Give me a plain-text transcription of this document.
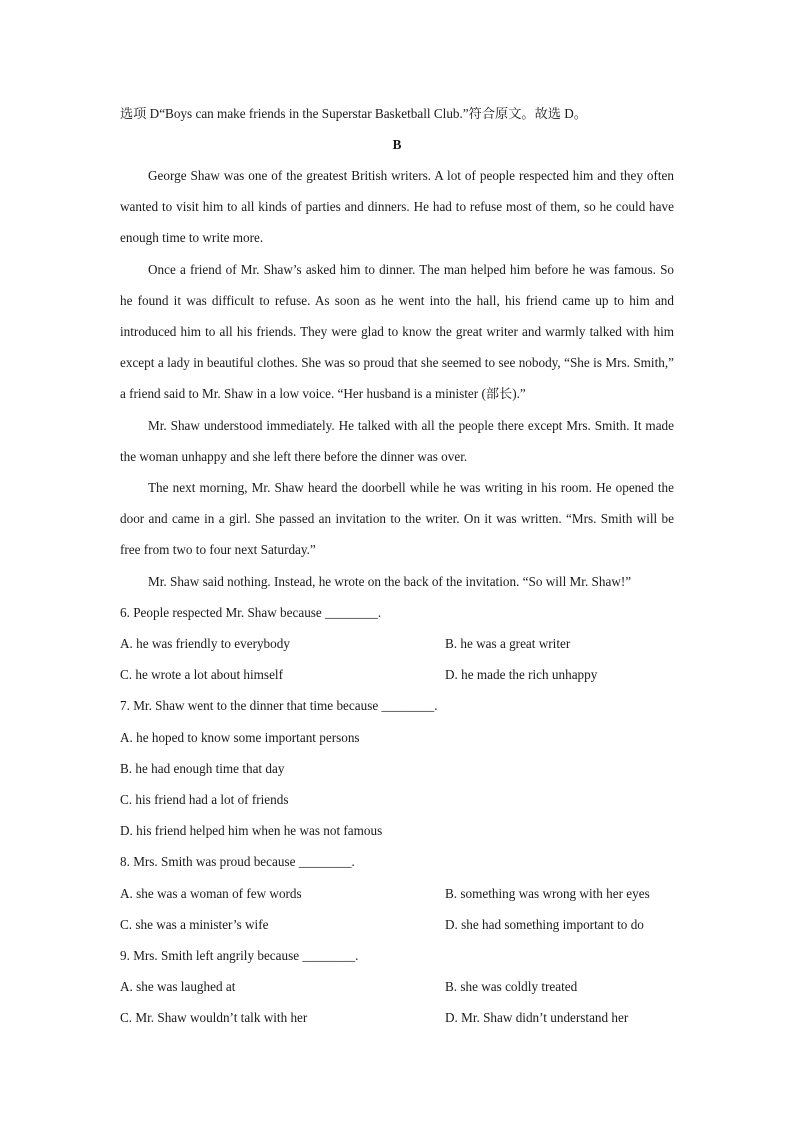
选项 D“Boys can make friends in the Superstar Basketball Club.”符合原文。故选 D。
B

George Shaw was one of the greatest British writers. A lot of people respected him and they often wanted to visit him to all kinds of parties and dinners. He had to refuse most of them, so he could have enough time to write more.

Once a friend of Mr. Shaw’s asked him to dinner. The man helped him before he was famous. So he found it was difficult to refuse. As soon as he went into the hall, his friend came up to him and introduced him to all his friends. They were glad to know the great writer and warmly talked with him except a lady in beautiful clothes. She was so proud that she seemed to see nobody, “She is Mrs. Smith,” a friend said to Mr. Shaw in a low voice. “Her husband is a minister (部长).”

Mr. Shaw understood immediately. He talked with all the people there except Mrs. Smith. It made the woman unhappy and she left there before the dinner was over.

The next morning, Mr. Shaw heard the doorbell while he was writing in his room. He opened the door and came in a girl. She passed an invitation to the writer. On it was written. “Mrs. Smith will be free from two to four next Saturday.”

Mr. Shaw said nothing. Instead, he wrote on the back of the invitation. “So will Mr. Shaw!”

6. People respected Mr. Shaw because ________.
A. he was friendly to everybody	B. he was a great writer
C. he wrote a lot about himself	D. he made the rich unhappy
7. Mr. Shaw went to the dinner that time because ________.
A. he hoped to know some important persons
B. he had enough time that day
C. his friend had a lot of friends
D. his friend helped him when he was not famous
8. Mrs. Smith was proud because ________.
A. she was a woman of few words	B. something was wrong with her eyes
C. she was a minister’s wife	D. she had something important to do
9. Mrs. Smith left angrily because ________.
A. she was laughed at	B. she was coldly treated
C. Mr. Shaw wouldn’t talk with her	D. Mr. Shaw didn’t understand her
